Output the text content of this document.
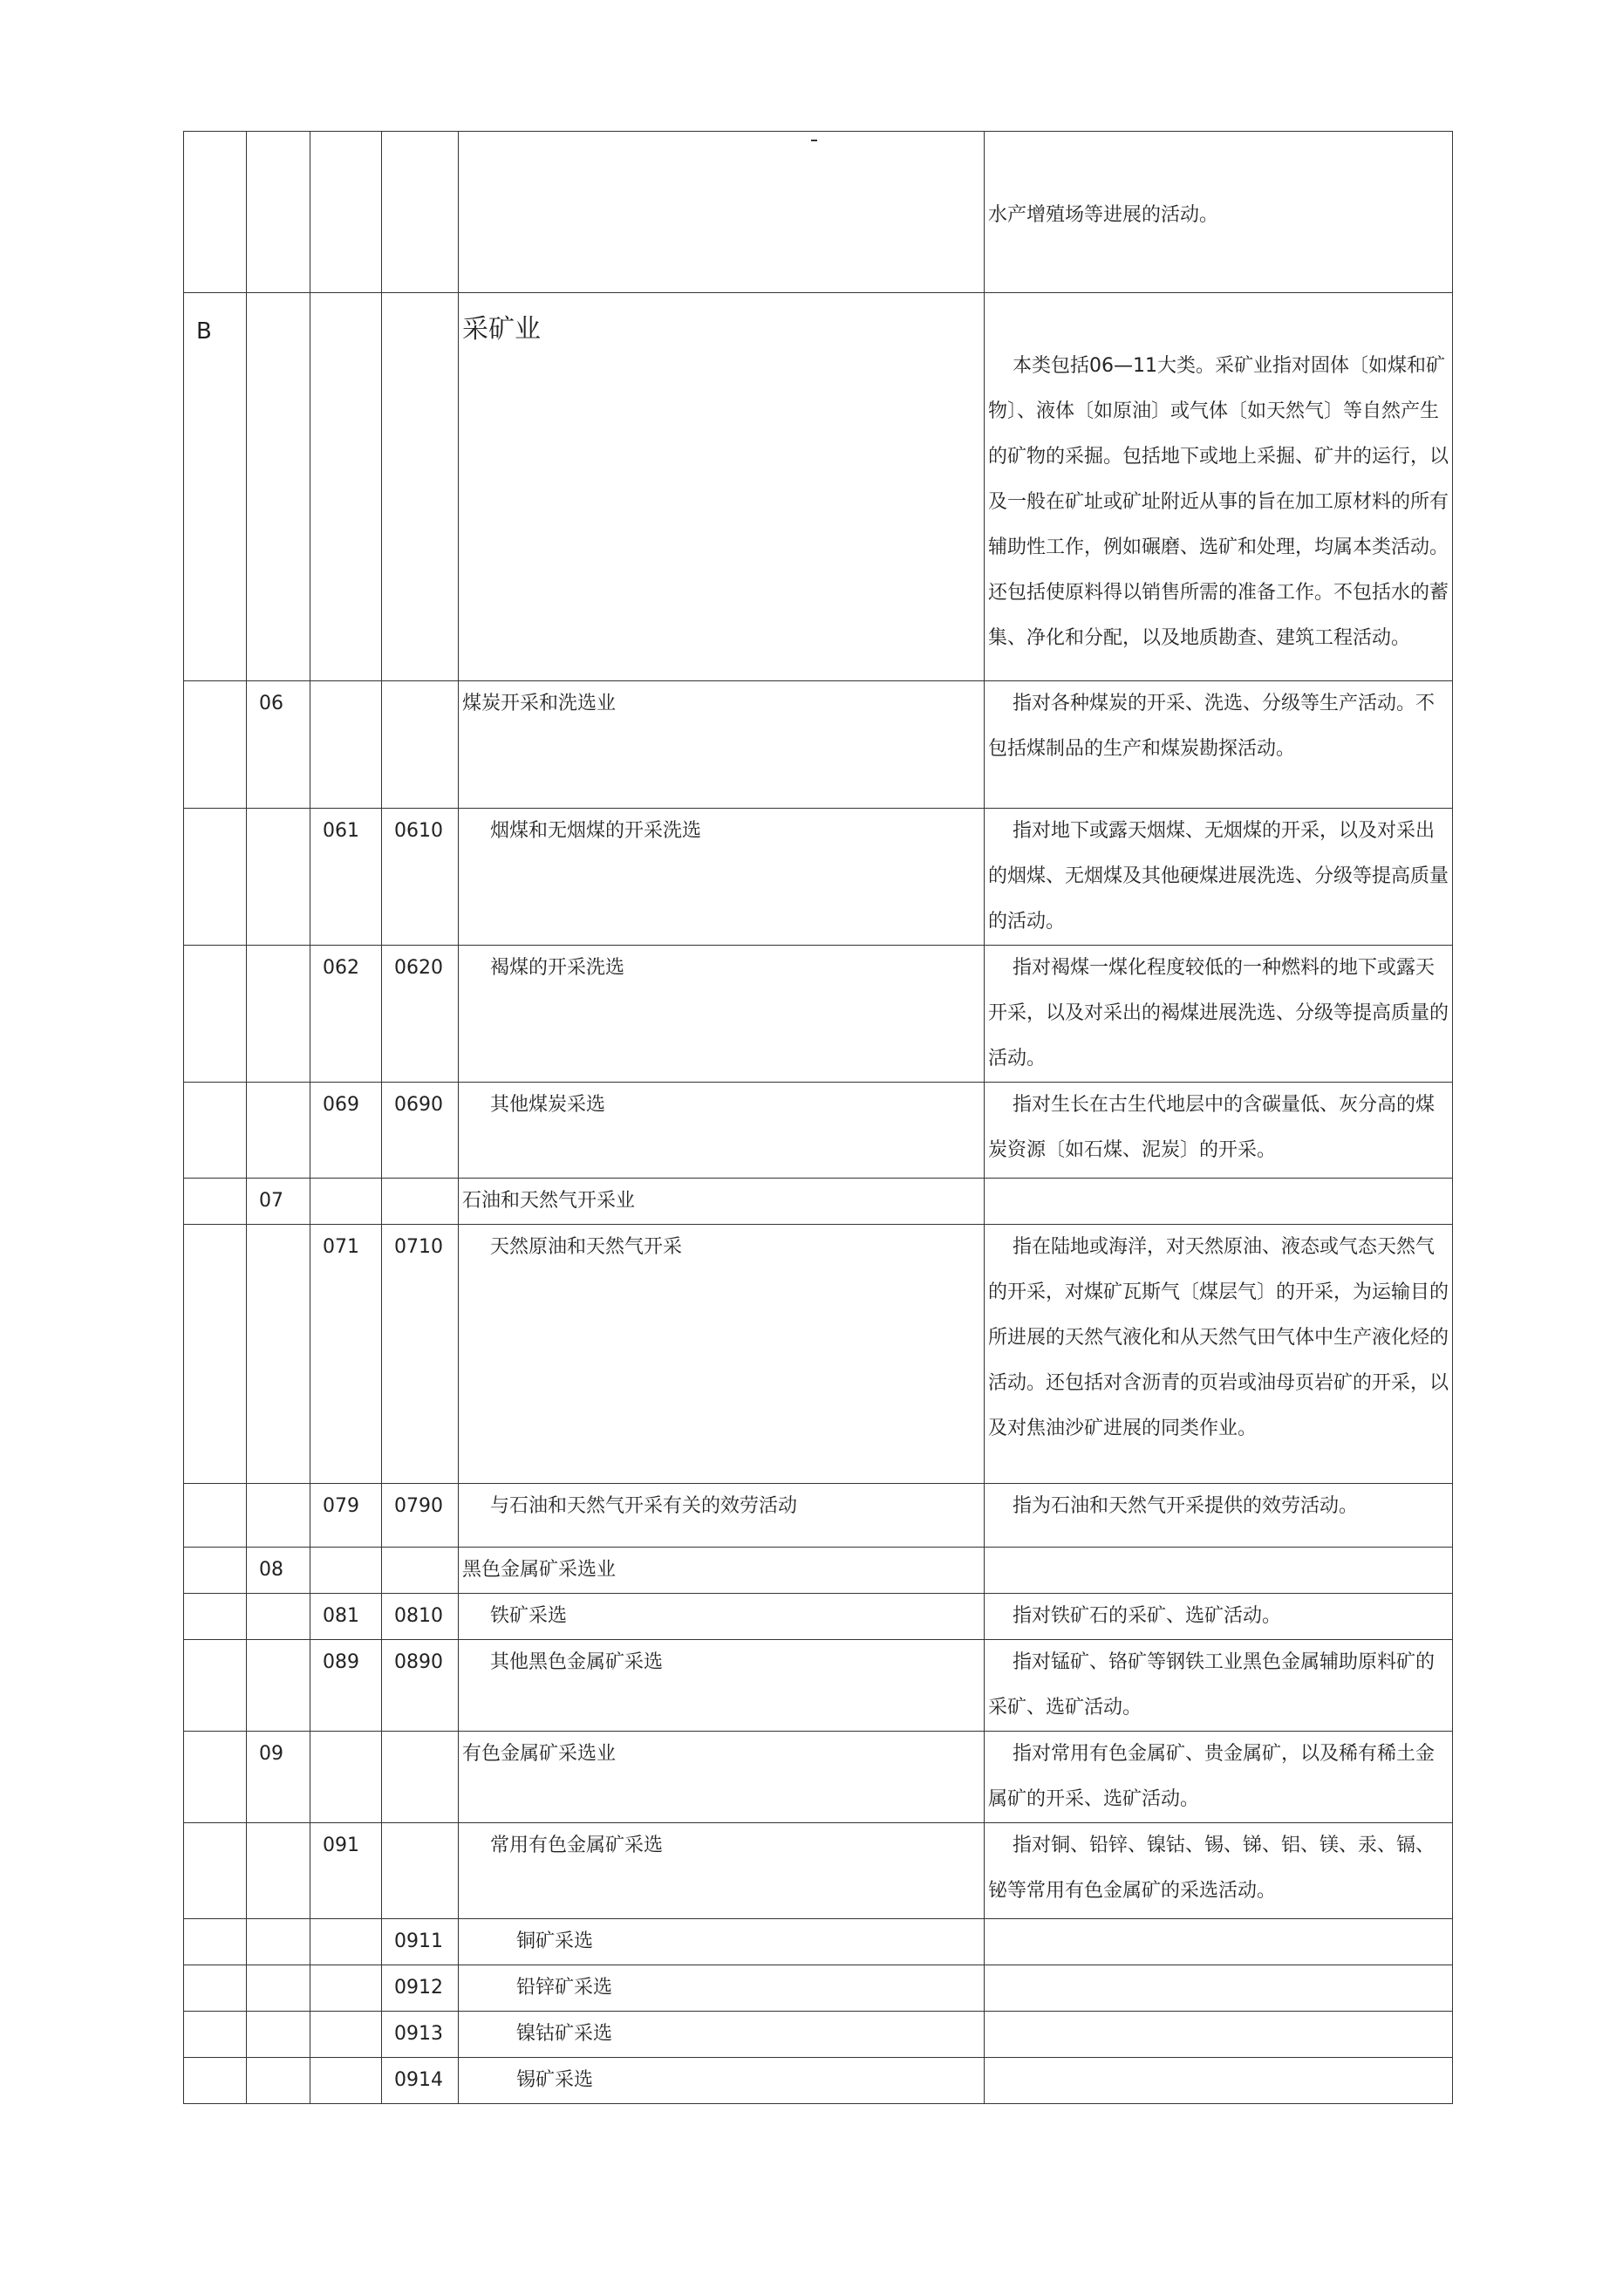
					水产增殖场等进展的活动。

B				采矿业	本类包括06—11大类。采矿业指对固体〔如煤和矿物〕、液体〔如原油〕或气体〔如天然气〕等自然产生的矿物的采掘。包括地下或地上采掘、矿井的运行，以及一般在矿址或矿址附近从事的旨在加工原材料的所有辅助性工作，例如碾磨、选矿和处理，均属本类活动。还包括使原料得以销售所需的准备工作。不包括水的蓄集、净化和分配，以及地质勘查、建筑工程活动。

	06			煤炭开采和洗选业	指对各种煤炭的开采、洗选、分级等生产活动。不包括煤制品的生产和煤炭勘探活动。

		061	0610	烟煤和无烟煤的开采洗选	指对地下或露天烟煤、无烟煤的开采，以及对采出的烟煤、无烟煤及其他硬煤进展洗选、分级等提高质量的活动。

		062	0620	褐煤的开采洗选	指对褐煤一煤化程度较低的一种燃料的地下或露天开采，以及对采出的褐煤进展洗选、分级等提高质量的活动。

		069	0690	其他煤炭采选	指对生长在古生代地层中的含碳量低、灰分高的煤炭资源〔如石煤、泥炭〕的开采。

	07			石油和天然气开采业	

		071	0710	天然原油和天然气开采	指在陆地或海洋，对天然原油、液态或气态天然气的开采，对煤矿瓦斯气〔煤层气〕的开采，为运输目的所进展的天然气液化和从天然气田气体中生产液化烃的活动。还包括对含沥青的页岩或油母页岩矿的开采，以及对焦油沙矿进展的同类作业。

		079	0790	与石油和天然气开采有关的效劳活动	指为石油和天然气开采提供的效劳活动。

	08			黑色金属矿采选业	

		081	0810	铁矿采选	指对铁矿石的采矿、选矿活动。

		089	0890	其他黑色金属矿采选	指对锰矿、铬矿等钢铁工业黑色金属辅助原料矿的采矿、选矿活动。

	09			有色金属矿采选业	指对常用有色金属矿、贵金属矿，以及稀有稀土金属矿的开采、选矿活动。

		091		常用有色金属矿采选	指对铜、铅锌、镍钴、锡、锑、铝、镁、汞、镉、铋等常用有色金属矿的采选活动。

			0911	铜矿采选	

			0912	铅锌矿采选	

			0913	镍钴矿采选	

			0914	锡矿采选	
